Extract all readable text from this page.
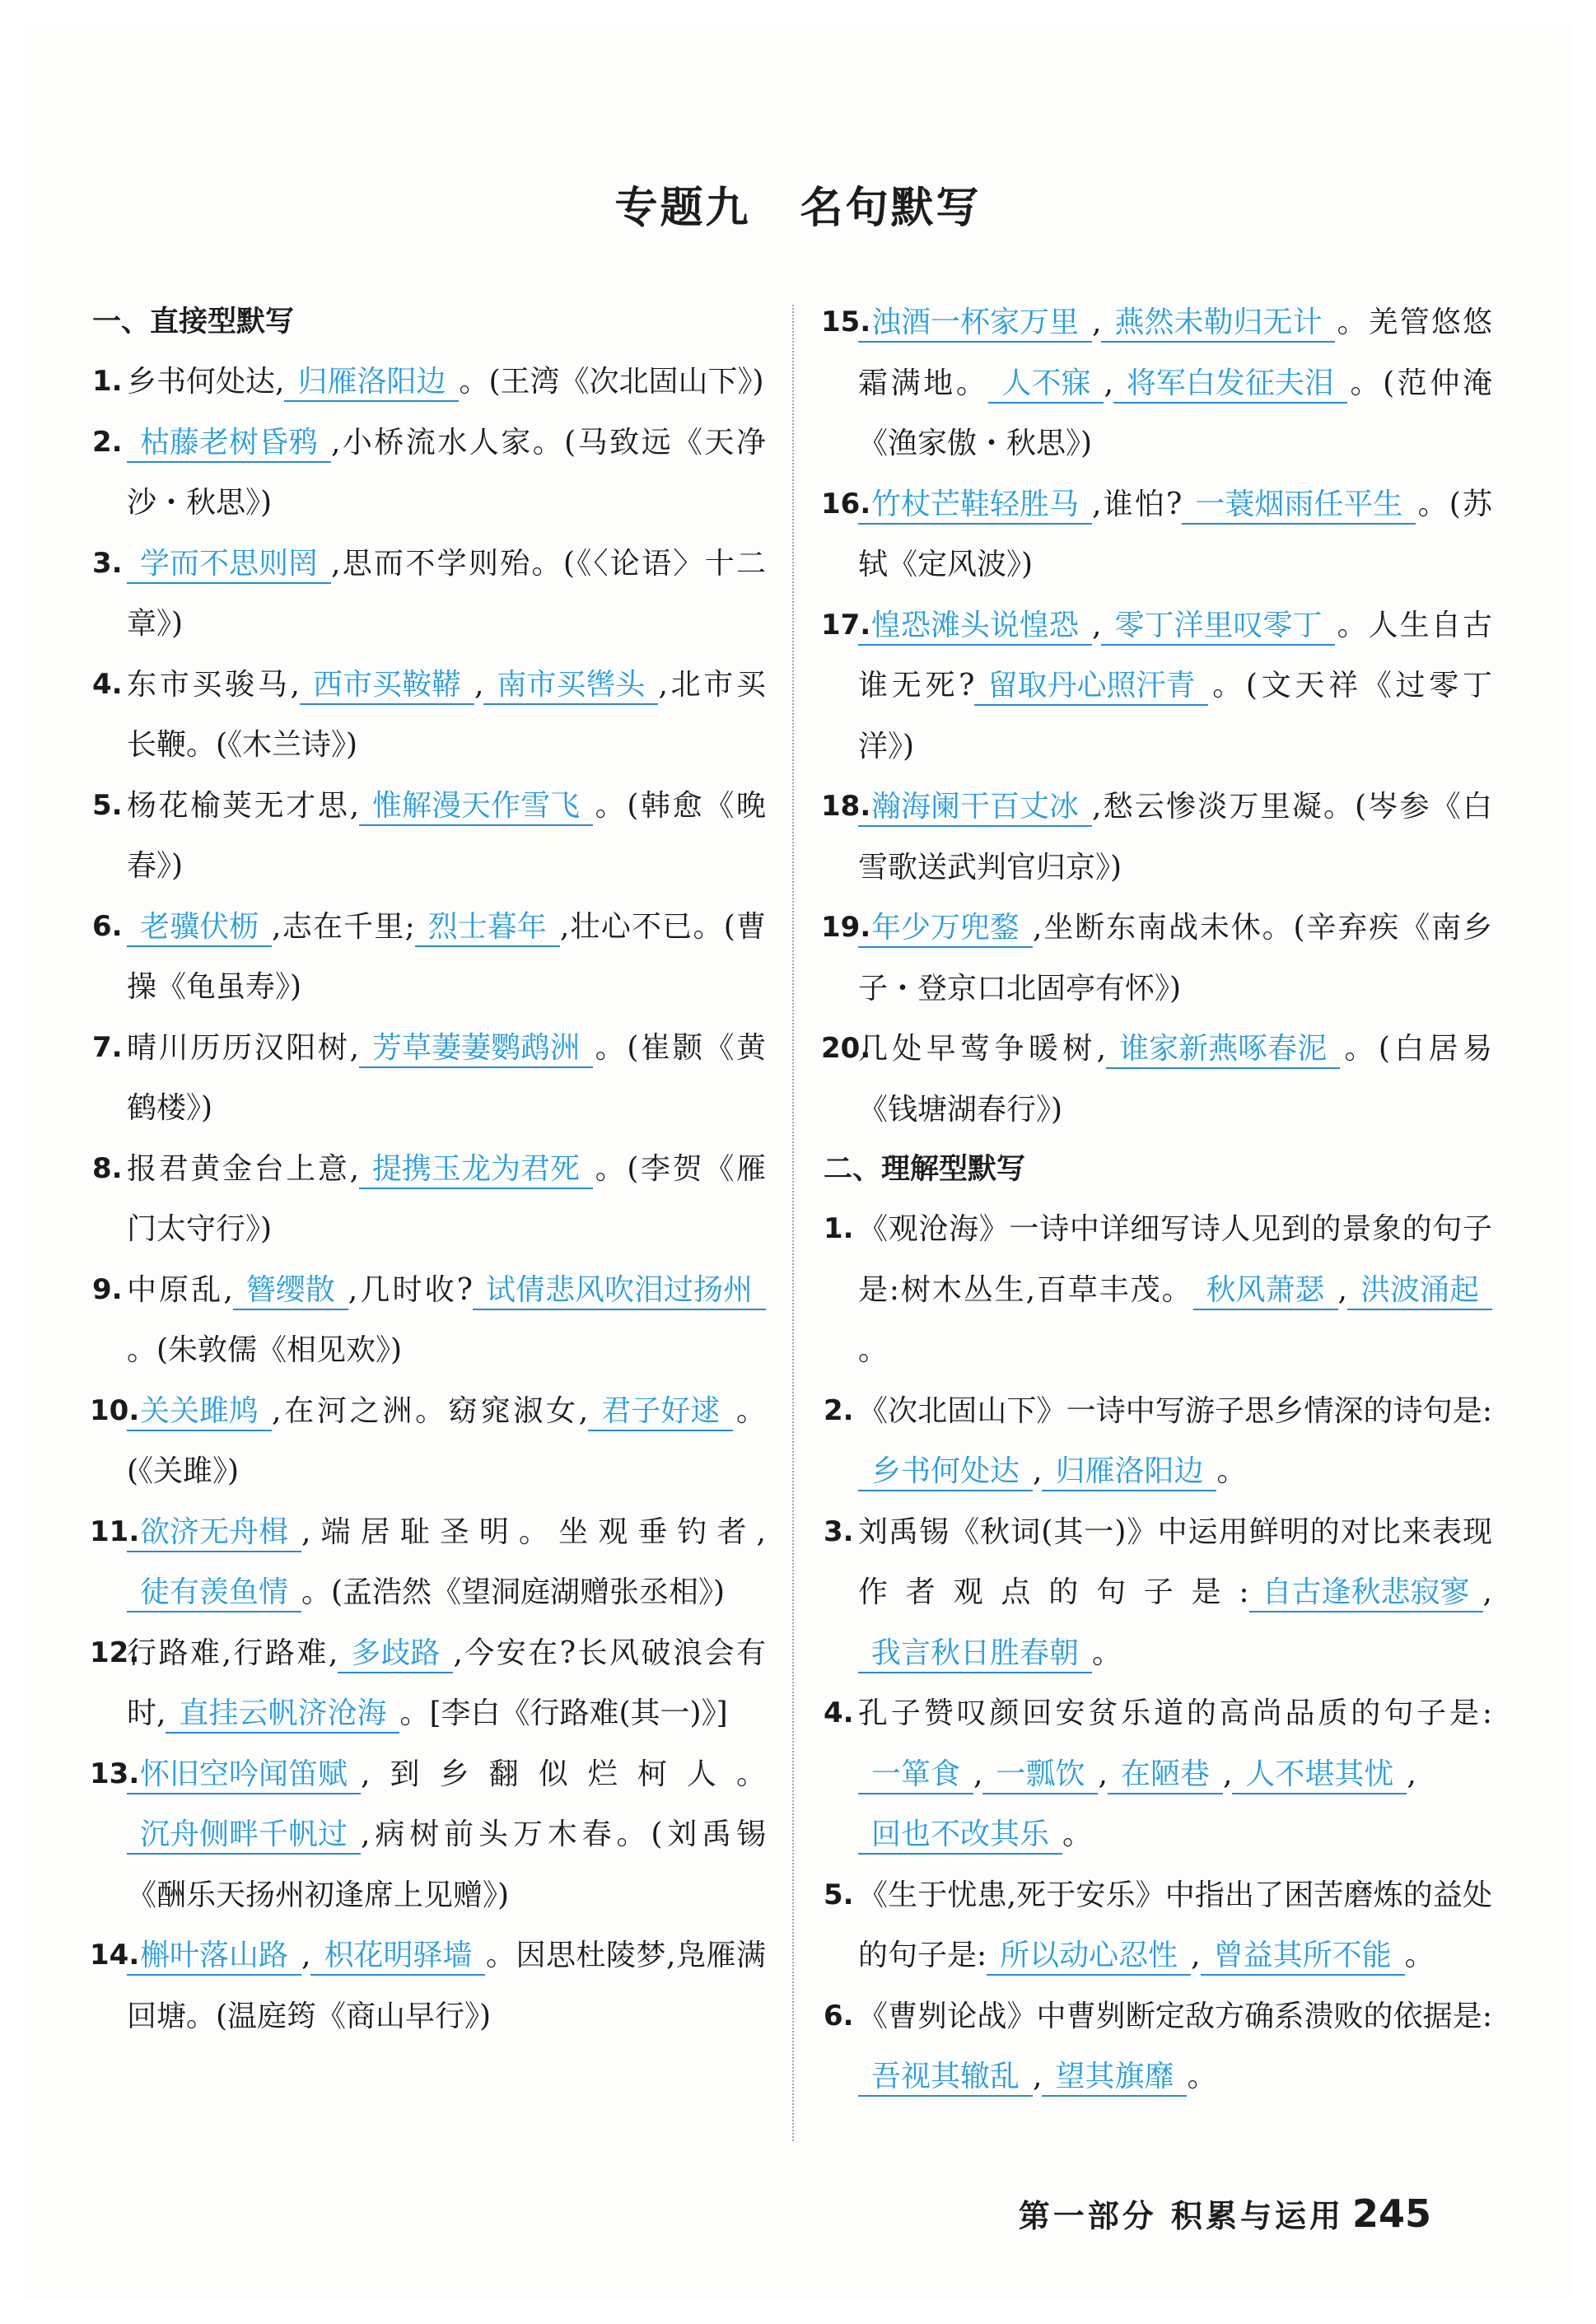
专题九 名句默写
一、直接型默写
1. 乡书何处达, 归雁洛阳边 。(王湾《次北固山下》)
2. 枯藤老树昏鸦 ,小桥流水人家。(马致远《天净沙・秋思》)
3. 学而不思则罔 ,思而不学则殆。(《〈论语〉十二章》)
4. 东市买骏马, 西市买鞍鞯 , 南市买辔头 ,北市买长鞭。(《木兰诗》)
5. 杨花榆荚无才思, 惟解漫天作雪飞 。(韩愈《晚春》)
6. 老骥伏枥 ,志在千里; 烈士暮年 ,壮心不已。(曹操《龟虽寿》)
7. 晴川历历汉阳树, 芳草萋萋鹦鹉洲 。(崔颢《黄鹤楼》)
8. 报君黄金台上意, 提携玉龙为君死 。(李贺《雁门太守行》)
9. 中原乱, 簪缨散 ,几时收? 试倩悲风吹泪过扬州。(朱敦儒《相见欢》)
10. 关关雎鸠 ,在河之洲。窈窕淑女, 君子好逑 。(《关雎》)
11. 欲济无舟楫 ,端居耻圣明。坐观垂钓者,徒有羡鱼情 。(孟浩然《望洞庭湖赠张丞相》)
12.
行路难,行路难, 多歧路 ,今安在?长风破浪会有时, 直挂云帆济沧海 。[李白《行路难(其一)》]
13. 怀旧空吟闻笛赋 ,到乡翻似烂柯人。沉舟侧畔千帆过 ,病树前头万木春。(刘禹锡《酬乐天扬州初逢席上见赠》)
14. 槲叶落山路 , 枳花明驿墙 。因思杜陵梦,凫雁满回塘。(温庭筠《商山早行》)
15. 浊酒一杯家万里 , 燕然未勒归无计 。羌管悠悠霜满地。 人不寐 , 将军白发征夫泪 。(范仲淹《渔家傲・秋思》)
16. 竹杖芒鞋轻胜马 ,谁怕? 一蓑烟雨任平生 。(苏轼《定风波》)
17. 惶恐滩头说惶恐 , 零丁洋里叹零丁 。人生自古谁无死? 留取丹心照汗青 。(文天祥《过零丁洋》)
18. 瀚海阑干百丈冰 ,愁云惨淡万里凝。(岑参《白雪歌送武判官归京》)
19. 年少万兜鍪 ,坐断东南战未休。(辛弃疾《南乡子・登京口北固亭有怀》)
20.
几处早莺争暖树, 谁家新燕啄春泥 。(白居易《钱塘湖春行》)
二、理解型默写
1. 《观沧海》一诗中详细写诗人见到的景象的句子是:树木丛生,百草丰茂。 秋风萧瑟 , 洪波涌起。
2. 《次北固山下》一诗中写游子思乡情深的诗句是:乡书何处达 , 归雁洛阳边 。
3. 刘禹锡《秋词(其一)》中运用鲜明的对比来表现作者观点的句子是: 自古逢秋悲寂寥 ,我言秋日胜春朝 。
4. 孔子赞叹颜回安贫乐道的高尚品质的句子是:一箪食 , 一瓢饮 , 在陋巷 , 人不堪其忧 ,回也不改其乐 。
5. 《生于忧患,死于安乐》中指出了困苦磨炼的益处的句子是: 所以动心忍性 , 曾益其所不能 。
6. 《曹刿论战》中曹刿断定敌方确系溃败的依据是:吾视其辙乱 , 望其旗靡 。
第一部分 积累与运用 245
